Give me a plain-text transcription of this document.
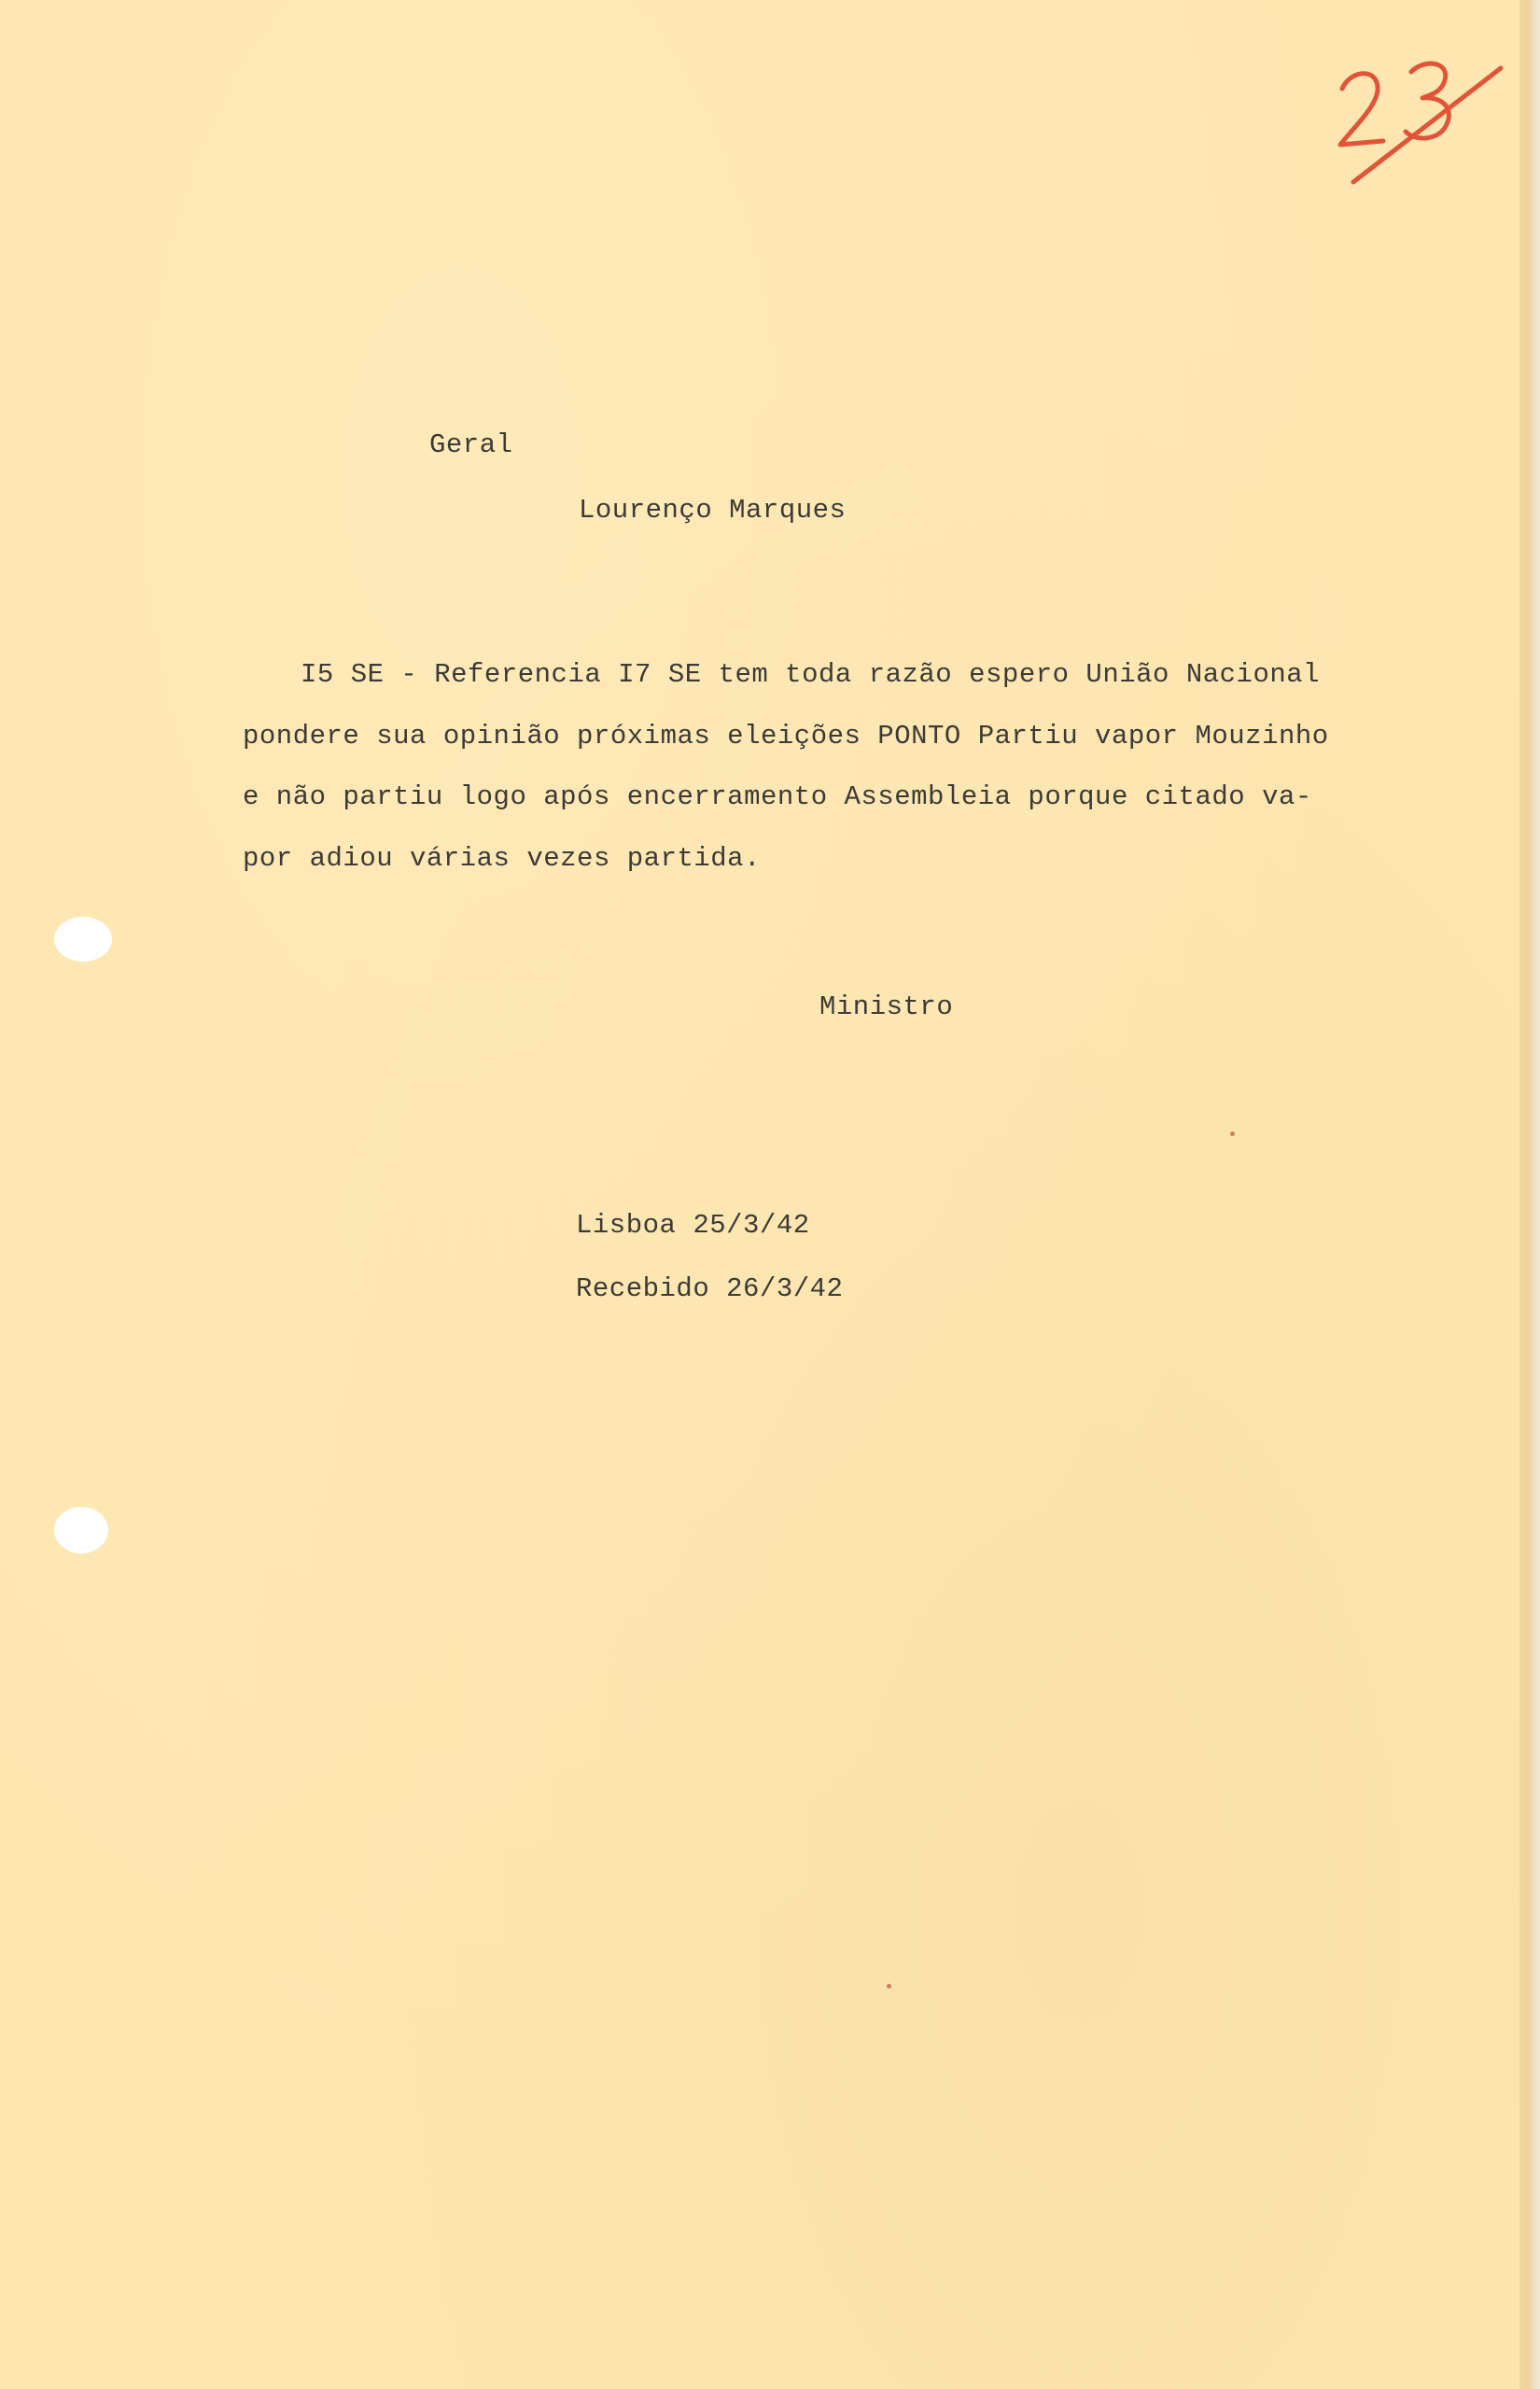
Geral
Lourenço Marques
I5 SE - Referencia I7 SE tem toda razão espero União Nacional
pondere sua opinião próximas eleições PONTO Partiu vapor Mouzinho
e não partiu logo após encerramento Assembleia porque citado va-
por adiou várias vezes partida.
Ministro
Lisboa 25/3/42
Recebido 26/3/42
